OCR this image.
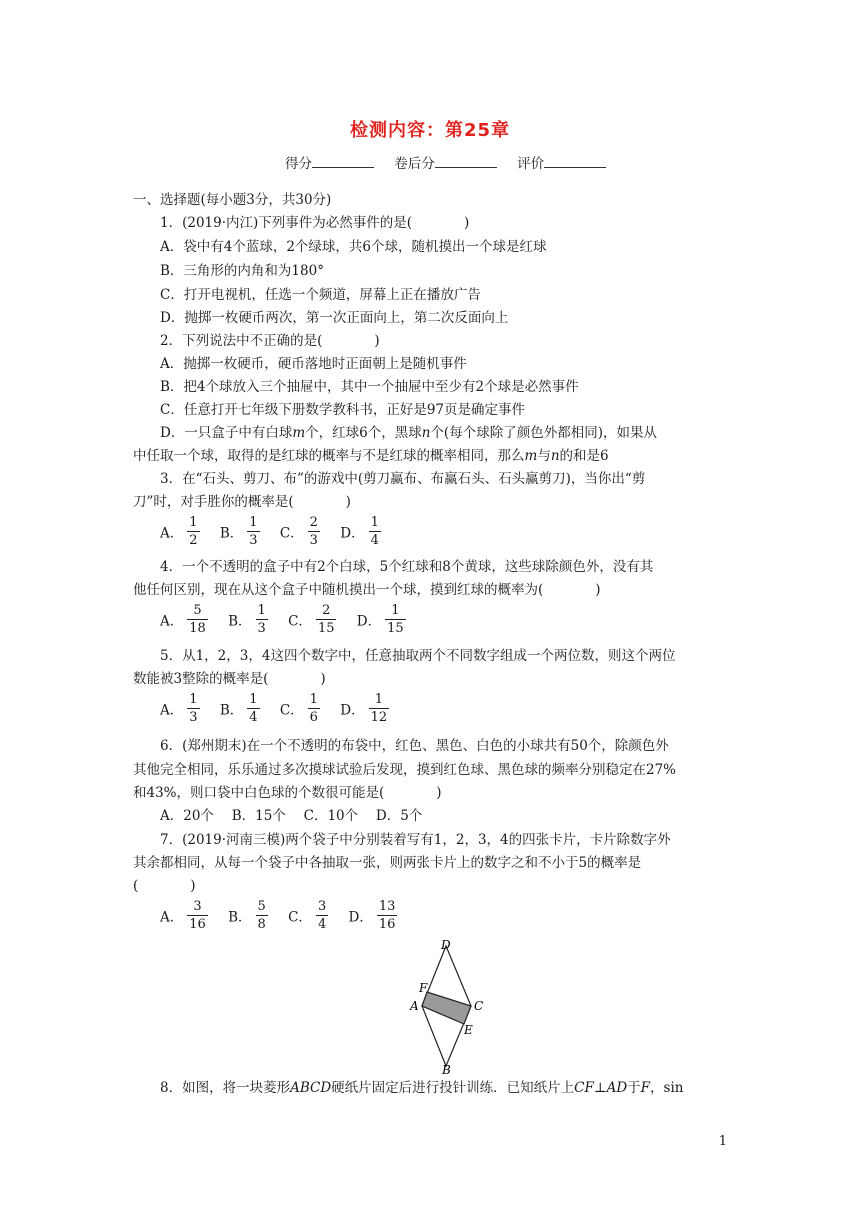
检测内容：第25章
得分	卷后分	评价
一、选择题(每小题3分，共30分)
1．(2019·内江)下列事件为必然事件的是(	)
A．袋中有4个蓝球，2个绿球，共6个球，随机摸出一个球是红球
B．三角形的内角和为180°
C．打开电视机，任选一个频道，屏幕上正在播放广告
D．抛掷一枚硬币两次，第一次正面向上，第二次反面向上
2．下列说法中不正确的是(	)
A．抛掷一枚硬币，硬币落地时正面朝上是随机事件
B．把4个球放入三个抽屉中，其中一个抽屉中至少有2个球是必然事件
C．任意打开七年级下册数学教科书，正好是97页是确定事件
D．一只盒子中有白球m个，红球6个，黑球n个(每个球除了颜色外都相同)，如果从
中任取一个球，取得的是红球的概率与不是红球的概率相同，那么m与n的和是6
3．在“石头、剪刀、布”的游戏中(剪刀赢布、布赢石头、石头赢剪刀)，当你出“剪
刀”时，对手胜你的概率是(	)
A． $\frac{1}{2}$ B． $\frac{1}{3}$ C． $\frac{2}{3}$ D． $\frac{1}{4}$
4．一个不透明的盒子中有2个白球，5个红球和8个黄球，这些球除颜色外，没有其
他任何区别，现在从这个盒子中随机摸出一个球，摸到红球的概率为(	)
A． $\frac{5}{18}$ B． $\frac{1}{3}$ C． $\frac{2}{15}$ D． $\frac{1}{15}$
5．从1，2，3，4这四个数字中，任意抽取两个不同数字组成一个两位数，则这个两位
数能被3整除的概率是(	)
A． $\frac{1}{3}$ B． $\frac{1}{4}$ C． $\frac{1}{6}$ D． $\frac{1}{12}$
6．(郑州期末)在一个不透明的布袋中，红色、黑色、白色的小球共有50个，除颜色外
其他完全相同，乐乐通过多次摸球试验后发现，摸到红色球、黑色球的频率分别稳定在27%
和43%，则口袋中白色球的个数很可能是(	)
A．20个　 B．15个　 C．10个　 D．5个
7．(2019·河南三模)两个袋子中分别装着写有1，2，3，4的四张卡片，卡片除数字外
其余都相同，从每一个袋子中各抽取一张，则两张卡片上的数字之和不小于5的概率是
(	)
A． $\frac{3}{16}$ B． $\frac{5}{8}$ C． $\frac{3}{4}$ D． $\frac{13}{16}$
D
F
A	C
E
B
8．如图，将一块菱形ABCD硬纸片固定后进行投针训练．已知纸片上CF⊥AD于F，sin
1
